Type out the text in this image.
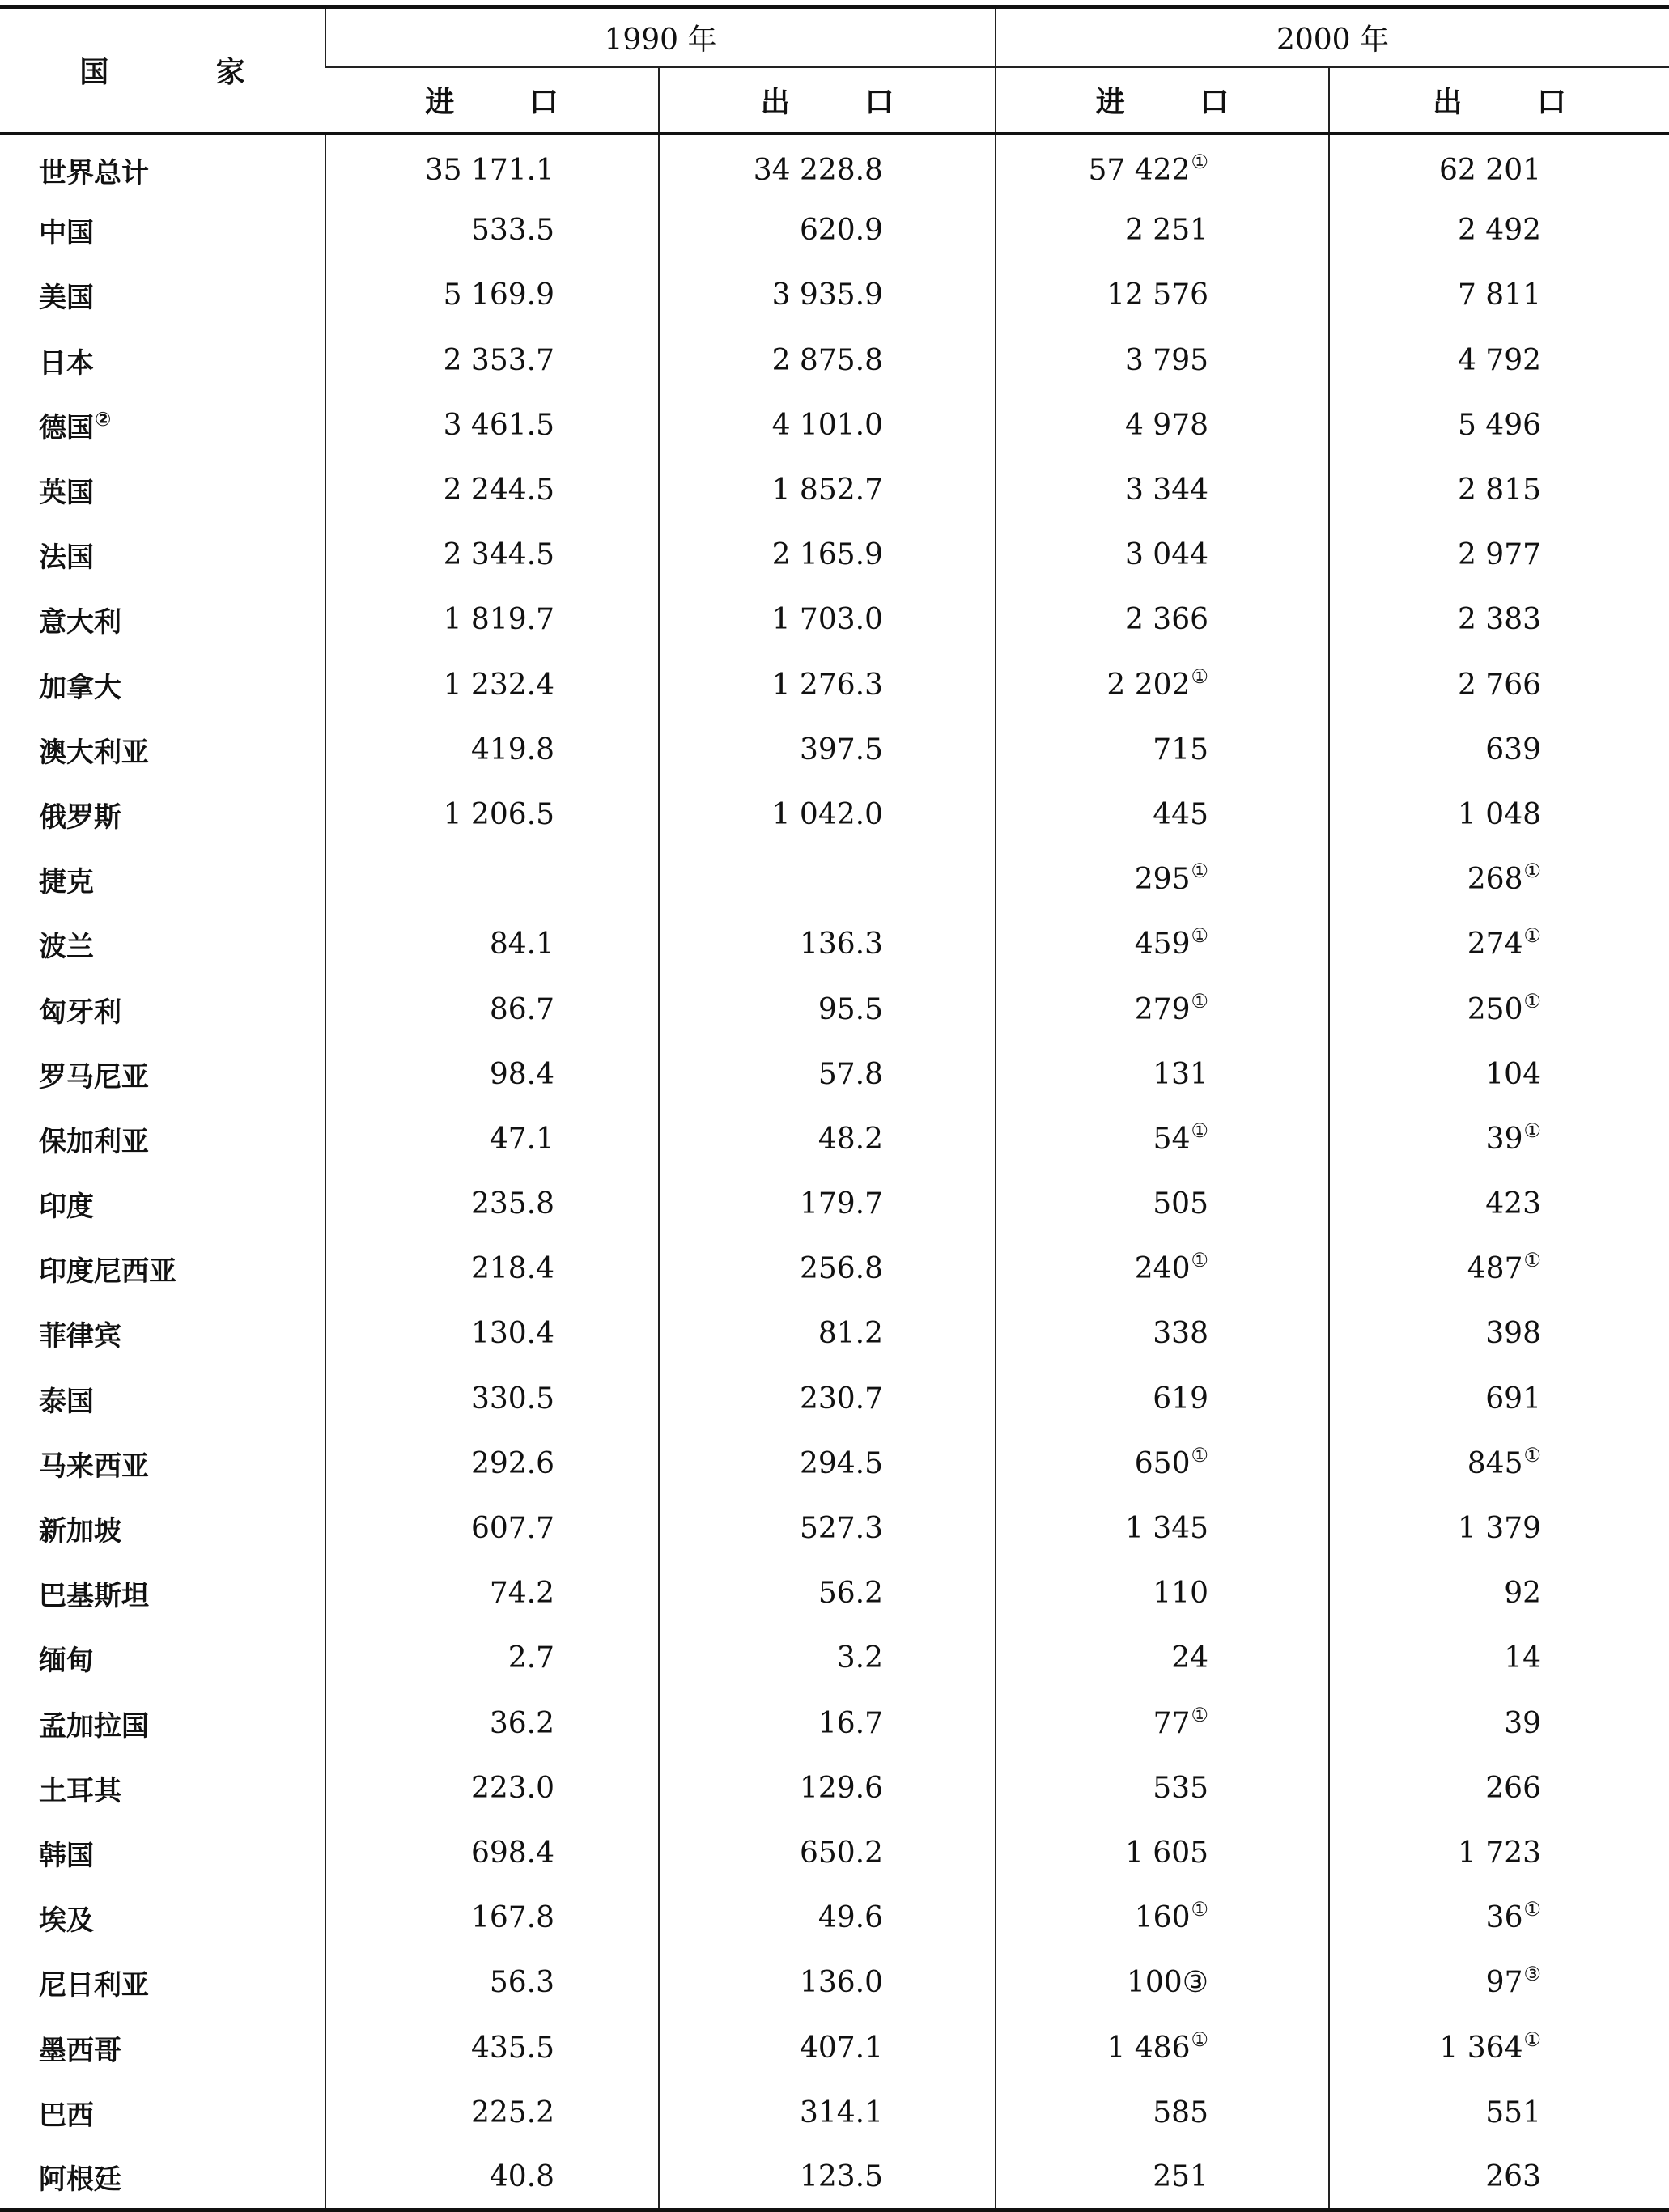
国 家	1990 年		2000 年	
	进 口	出 口	进 口	出 口
世界总计	35 171.1	34 228.8	57 422①	62 201
中国	533.5	620.9	2 251	2 492
美国	5 169.9	3 935.9	12 576	7 811
日本	2 353.7	2 875.8	3 795	4 792
德国②	3 461.5	4 101.0	4 978	5 496
英国	2 244.5	1 852.7	3 344	2 815
法国	2 344.5	2 165.9	3 044	2 977
意大利	1 819.7	1 703.0	2 366	2 383
加拿大	1 232.4	1 276.3	2 202①	2 766
澳大利亚	419.8	397.5	715	639
俄罗斯	1 206.5	1 042.0	445	1 048
捷克			295①	268①
波兰	84.1	136.3	459①	274①
匈牙利	86.7	95.5	279①	250①
罗马尼亚	98.4	57.8	131	104
保加利亚	47.1	48.2	54①	39①
印度	235.8	179.7	505	423
印度尼西亚	218.4	256.8	240①	487①
菲律宾	130.4	81.2	338	398
泰国	330.5	230.7	619	691
马来西亚	292.6	294.5	650①	845①
新加坡	607.7	527.3	1 345	1 379
巴基斯坦	74.2	56.2	110	92
缅甸	2.7	3.2	24	14
孟加拉国	36.2	16.7	77①	39
土耳其	223.0	129.6	535	266
韩国	698.4	650.2	1 605	1 723
埃及	167.8	49.6	160①	36①
尼日利亚	56.3	136.0	100③	97③
墨西哥	435.5	407.1	1 486①	1 364①
巴西	225.2	314.1	585	551
阿根廷	40.8	123.5	251	263
